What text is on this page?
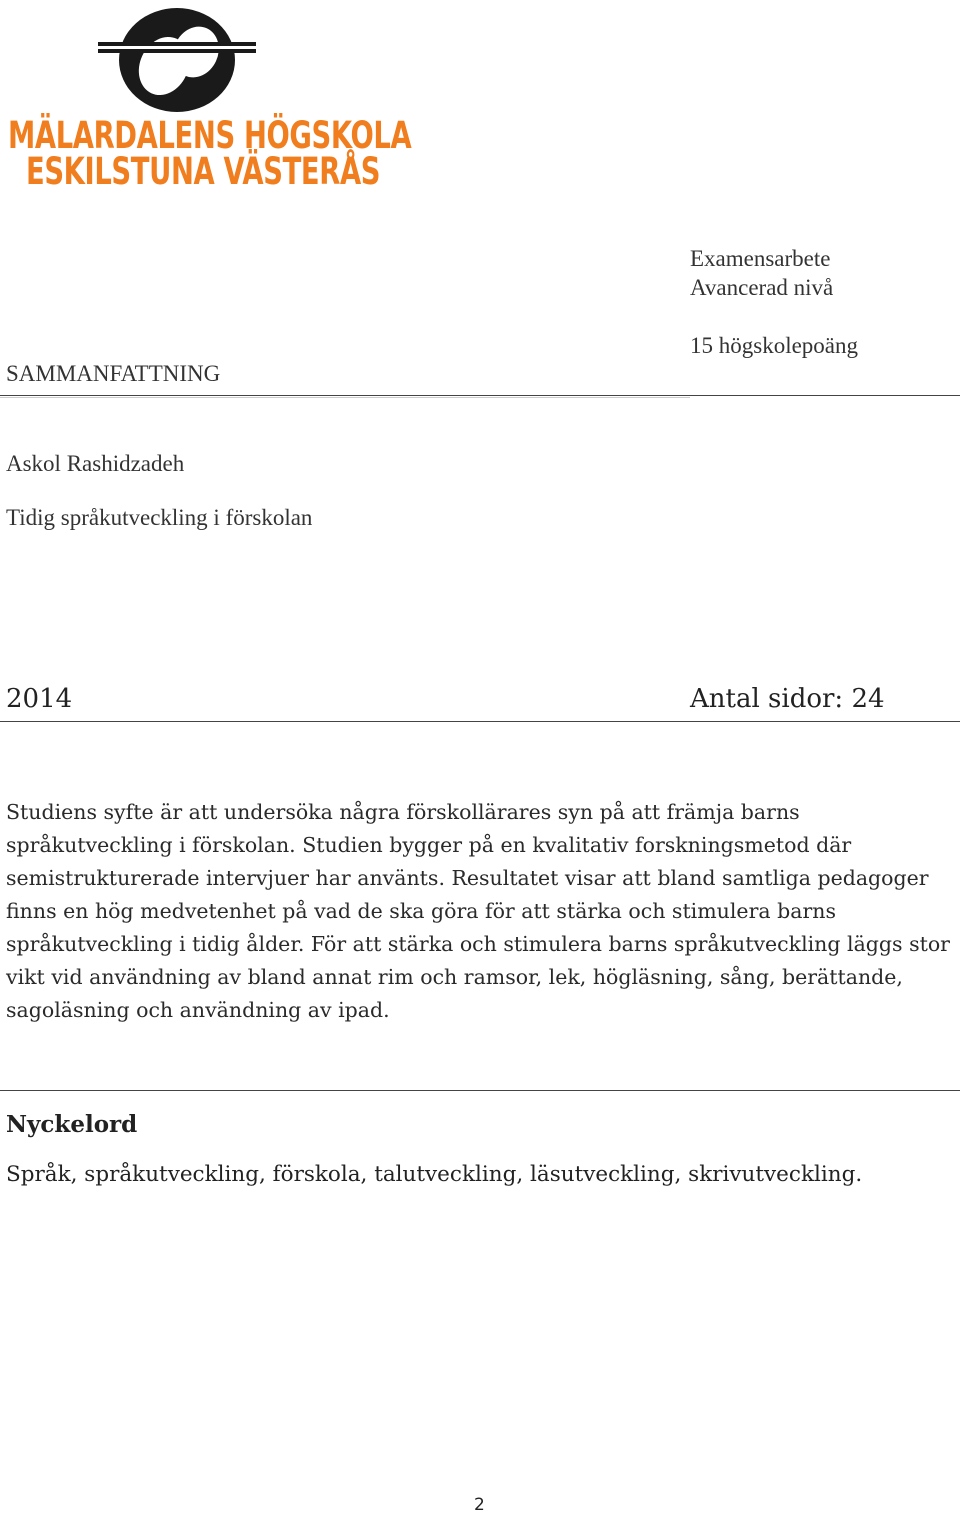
MÄLARDALENS HÖGSKOLA
ESKILSTUNA VÄSTERÅS
Examensarbete
Avancerad nivå
15 högskolepoäng
SAMMANFATTNING
Askol Rashidzadeh
Tidig språkutveckling i förskolan
2014	Antal sidor: 24
Studiens syfte är att undersöka några förskollärares syn på att främja barns språkutveckling i förskolan. Studien bygger på en kvalitativ forskningsmetod där semistrukturerade intervjuer har använts. Resultatet visar att bland samtliga pedagoger finns en hög medvetenhet på vad de ska göra för att stärka och stimulera barns språkutveckling i tidig ålder. För att stärka och stimulera barns språkutveckling läggs stor vikt vid användning av bland annat rim och ramsor, lek, högläsning, sång, berättande, sagoläsning och användning av ipad.
Nyckelord
Språk, språkutveckling, förskola, talutveckling, läsutveckling, skrivutveckling.
2
